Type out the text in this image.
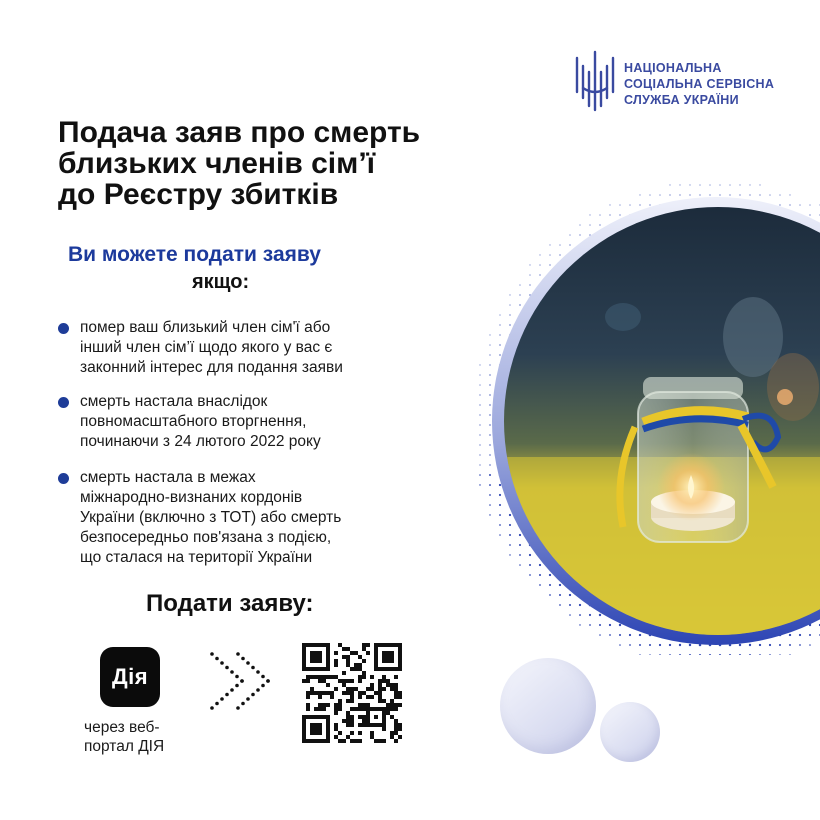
НАЦІОНАЛЬНА
СОЦІАЛЬНА СЕРВІСНА
СЛУЖБА УКРАЇНИ
Подача заяв про смерть
близьких членів сім’ї
до Реєстру збитків
Ви можете подати заяву
якщо:
помер ваш близький член сім'ї або
інший член сім’ї щодо якого у вас є
законний інтерес для подання заяви
смерть настала внаслідок
повномасштабного вторгнення,
починаючи з 24 лютого 2022 року
смерть настала в межах
міжнародно-визнаних кордонів
України (включно з ТОТ) або смерть
безпосередньо пов'язана з подією,
що сталася на території України
Подати заяву:
Дія
через веб-
портал ДІЯ
